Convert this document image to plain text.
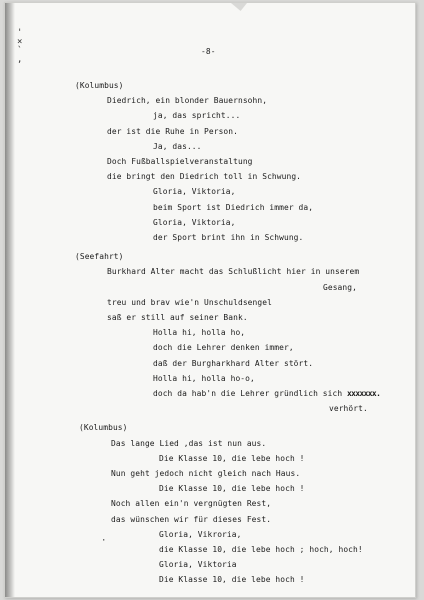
'
×
`
,
-8-
(Kolumbus)
Diedrich, ein blonder Bauernsohn,
ja, das spricht...
der ist die Ruhe in Person.
Ja, das...
Doch Fußballspielveranstaltung
die bringt den Diedrich toll in Schwung.
Gloria, Viktoria,
beim Sport ist Diedrich immer da,
Gloria, Viktoria,
der Sport brint ihn in Schwung.
(Seefahrt)
Burkhard Alter macht das Schlußlicht hier in unserem
Gesang,
treu und brav wie'n Unschuldsengel
saß er still auf seiner Bank.
Holla hi, holla ho,
doch die Lehrer denken immer,
daß der Burgharkhard Alter stört.
Holla hi, holla ho-o,
doch da hab'n die Lehrer gründlich sich xxxxxxx.
verhört.
(Kolumbus)
Das lange Lied ,das ist nun aus.
Die Klasse 10, die lebe hoch !
Nun geht jedoch nicht gleich nach Haus.
Die Klasse 10, die lebe hoch !
Noch allen ein'n vergnügten Rest,
das wünschen wir für dieses Fest.
·
Gloria, Vikroria,
die Klasse 10, die lebe hoch ; hoch, hoch!
Gloria, Viktoria
Die Klasse 10, die lebe hoch !
